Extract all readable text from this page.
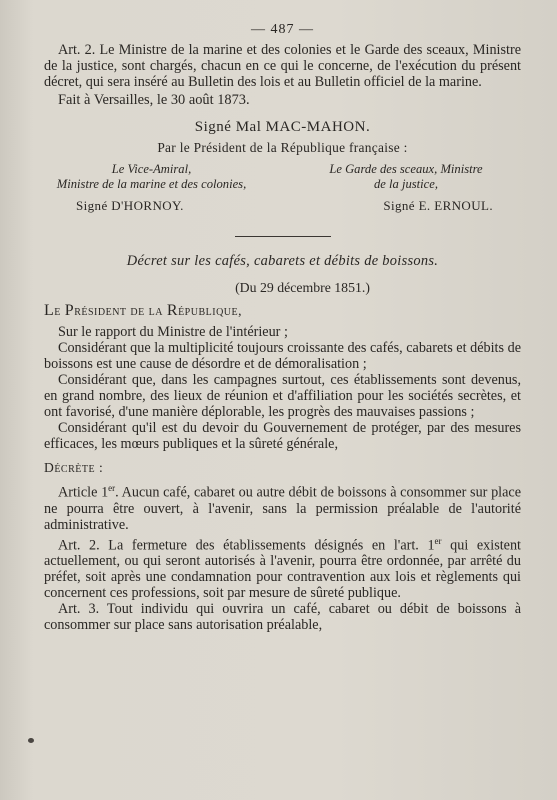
— 487 —

Art. 2. Le Ministre de la marine et des colonies et le Garde des sceaux, Ministre de la justice, sont chargés, chacun en ce qui le concerne, de l'exécution du présent décret, qui sera inséré au Bulletin des lois et au Bulletin officiel de la marine.

Fait à Versailles, le 30 août 1873.

Signé Mal MAC-MAHON.
Par le Président de la République française :
Le Vice-Amiral,
Ministre de la marine et des colonies,
Le Garde des sceaux, Ministre
de la justice,
Signé D'HORNOY.	Signé E. ERNOUL.
Décret sur les cafés, cabarets et débits de boissons.
(Du 29 décembre 1851.)
Le Président de la République,

Sur le rapport du Ministre de l'intérieur ;

Considérant que la multiplicité toujours croissante des cafés, cabarets et débits de boissons est une cause de désordre et de démoralisation ;

Considérant que, dans les campagnes surtout, ces établissements sont devenus, en grand nombre, des lieux de réunion et d'affiliation pour les sociétés secrètes, et ont favorisé, d'une manière déplorable, les progrès des mauvaises passions ;

Considérant qu'il est du devoir du Gouvernement de protéger, par des mesures efficaces, les mœurs publiques et la sûreté générale,

Décrète :

Article 1er. Aucun café, cabaret ou autre débit de boissons à consommer sur place ne pourra être ouvert, à l'avenir, sans la permission préalable de l'autorité administrative.

Art. 2. La fermeture des établissements désignés en l'art. 1er qui existent actuellement, ou qui seront autorisés à l'avenir, pourra être ordonnée, par arrêté du préfet, soit après une condamnation pour contravention aux lois et règlements qui concernent ces professions, soit par mesure de sûreté publique.

Art. 3. Tout individu qui ouvrira un café, cabaret ou débit de boissons à consommer sur place sans autorisation préalable,
